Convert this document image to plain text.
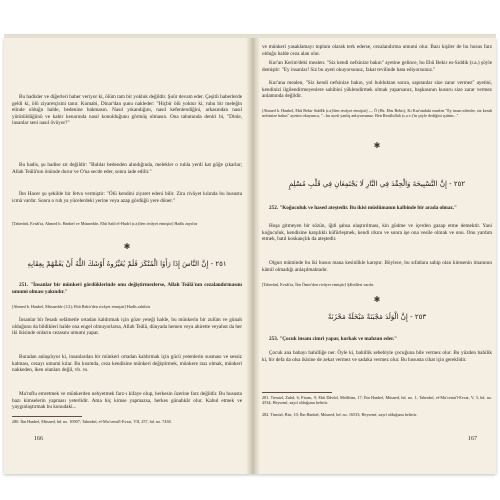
Bu hadisler ve diğerleri haber veriyor ki, ölüm tam bir yokluk değildir. Şuûr devam eder. Çeşitli haberlerde geldi ki, ölü ziyaretçisini tanır. Kumabi, Dinar'dan şunu nakleder: "Hiçbir ölü yoktur ki, ruhu bir meleğin elinde olduğu halde, bedenine bakmasın. Nasıl yıkandığını, nasıl kefenlendiğini, arkasından nasıl yürütüldüğünü ve kabir kenarında nasıl konulduğunu görmüş olmasın. Ona tabutunda deniri bi, "Dinle, insanlar seni nasıl övüyor?"

Bu hadis, şu hadise zıt değildir: "Ruhlar bedenden alındığında, melekler o ruhla yerdi kat göğe çıkarlar; Allah Teâlâ'nın önünde durur ve O'na secde eder, sonra iade edilir."

İbn Hacer şu şekilde bir fetva vermiştir: "Ölü kendini ziyaret edeni bilir. Zira rivâyet kılında bu hususta icmâ vardır. Sonra o ruh ya yücelerdeki yerine veya azap gördüğü yere döner."

[Taberânî, Evsât'ta, Ahmed b. Hanbel ve Müsnedde, Ebû Saîd el-Hudrî (r.a)'den rivâyet etmiştir] Hadîs zayıftır

✱
٢٥١ - إِنَّ النَّاسَ إِذَا رَأَوُا الْمُنْكَرَ فَلَمْ يُغَيِّرُوهُ أَوْشَكَ اللَّهُ أَنْ يَعُمَّهُمْ بِعِقَابِهِ

251. "İnsanlar bir münkeri gördüklerinde onu değiştirmezlerse, Allah Teâlâ'nın cezalandırmasını umumi olması yakındır."

[Ahmed b. Hanbel, Müsnedde (1/2); Ebû Bekir'den rivâyet etmiştir] Hadîs sahihtir

İnsanlar bir fesadı selâmetle ortadan kaldırmak için göze yeteği halde, bu münkerin bir zulüm ve günah olduğunu da bildikleri halde ona engel olmuyorlarsa, Allah Teâlâ, dünyada hemen veya ahirette veyahut da her iki ikisinde onların cezasını umumi yapar.

Buradan anlaşılıyor ki, insanlardan bir münkeri ortadan kaldırmak için gücü yetenlerin susması ve sessiz kalması, cezayı umumi kılar. Bu kısımda, ceza kendisine münkeri değiştirmek, münkere razı olmak, münkeri nakkeden, iken olanları değil, vb. vs.

Ma'ruflu emretmek ve münkerden nehyetmek farz-ı kifaye olup, herkesin üzerine farz değildir. Bu hususta bazı kimselerin yapması yeterlidir. Ama hiç kimse yapmazsa, herkes günahkâr olur. Kabul etmek ve yaygınlaştırmak bu konudaki...

280. İbn Hanbel, Müsned, hd. no. 10907; Taberânî, el-Mu'cemü'l-Evsat, VII, 257, hd. no. 7438.

166

ve münkeri yasaklamayı toplum olarak terk ederse, cezalandırma umumi olur. Bazı kişiler de bu husus farz olduğu halde ceza alan olur.

Kur'an Kerim'deki mealen: "Siz kendi nefsinize bakın" ayetine gelince, bu Ebû Bekir es-Sıddik (r.a.) şöyle demiştir: "Ey insanlar! Siz bu ayeti okuyorsunuz, fakat tevilinde hata ediyorsunuz."

Kur'ana mealen, "Siz kendi nefsinize bakın, yol bulduktan sonra, sapıtanlar size zarar vermez" ayetini, kendinizi ilgilendirmeyenlere sahibini yüklendirmek olmak yaparsanız, başkasının kusuru size zarar vermez anlamında değildir.

[Ahmed b. Hanbel, Ebû Bekir Sıddîk (r.a)'den rivâyet etmiştir] — Ö (Hz. Ebu Bekir), Ki Kur'andaki mealen "Ey iman edenler, siz kendi nefsinize bakın" ayetini okuyunca, "...bu ayeti yanlış anlıyorsunuz. Ben Resûlullah (s.a.v.)'in şöyle dediğini işittim..."

✱
٢٥٢ - إِنَّ التَّسْبِيحَةَ وَالْحِقْدَ فِي النَّارِ لَا يَجْتَمِعَانِ فِي قَلْبِ مُسْلِمٍ

252. "Koğuculuk ve hased ateştedir. Bu ikisi müslümanın kalbinde bir arada olmaz."

Hoşa gitmeyen bir sözün, iğdi şahsa ulaştırılması, kin güdme ve içerden gazap etme demektir. Yani koğuculuk, kendisine karşılıklı küfürleşmek, kendi ırkını ve sonra işe ona vesile olmak ve onu. Onu yardım etmek, batıl koskançlık da ateştedir.

Olgun müminde bu iki husus mana kesinlikle karıştır. Böylece, bu sıfatlara sahip olan kimsenin imanının kâmil olmadığı anlaşılmaktadır.

[Taberânî, Evsât'ta, İbn Ömer'den rivâyet etmiştir] Şâhidleri vardır.

✱
٢٥٣ - إِنَّ الْوَلَدَ مَجْبَنَةٌ مَبْخَلَةٌ مَحْزَنَةٌ

253. "Çocuk insanı cimri yapar, korkak ve mahzun eder."

Çocuk ana babayı bahilliğe ner. Öyle ki, bahillik sebebiyle çocuğuna bile vermez olur. Bu yüzden bahilik ki, bir defa da olsa ikisine de zekat vermez ve sadaka vermez olur. Bu hususta cihat için gereklidir.

281. Tirmizî, Zuhd, 6; Fisam, 9; Ebû Dâvûd, Melâhim, 17; İbn Hanbel, Müsned, hd. no. 1; Taberânî, el-Mu'cemü'l-Evsat, V, 3, hd. no. 4534; Heysemî, zayıf olduğunu belirtir.

282. Tirmizî, Birr, 10; İbn Hanbel, Müsned, hd. no. 16533; Heysemî, zayıf olduğunu belirtir.

167
